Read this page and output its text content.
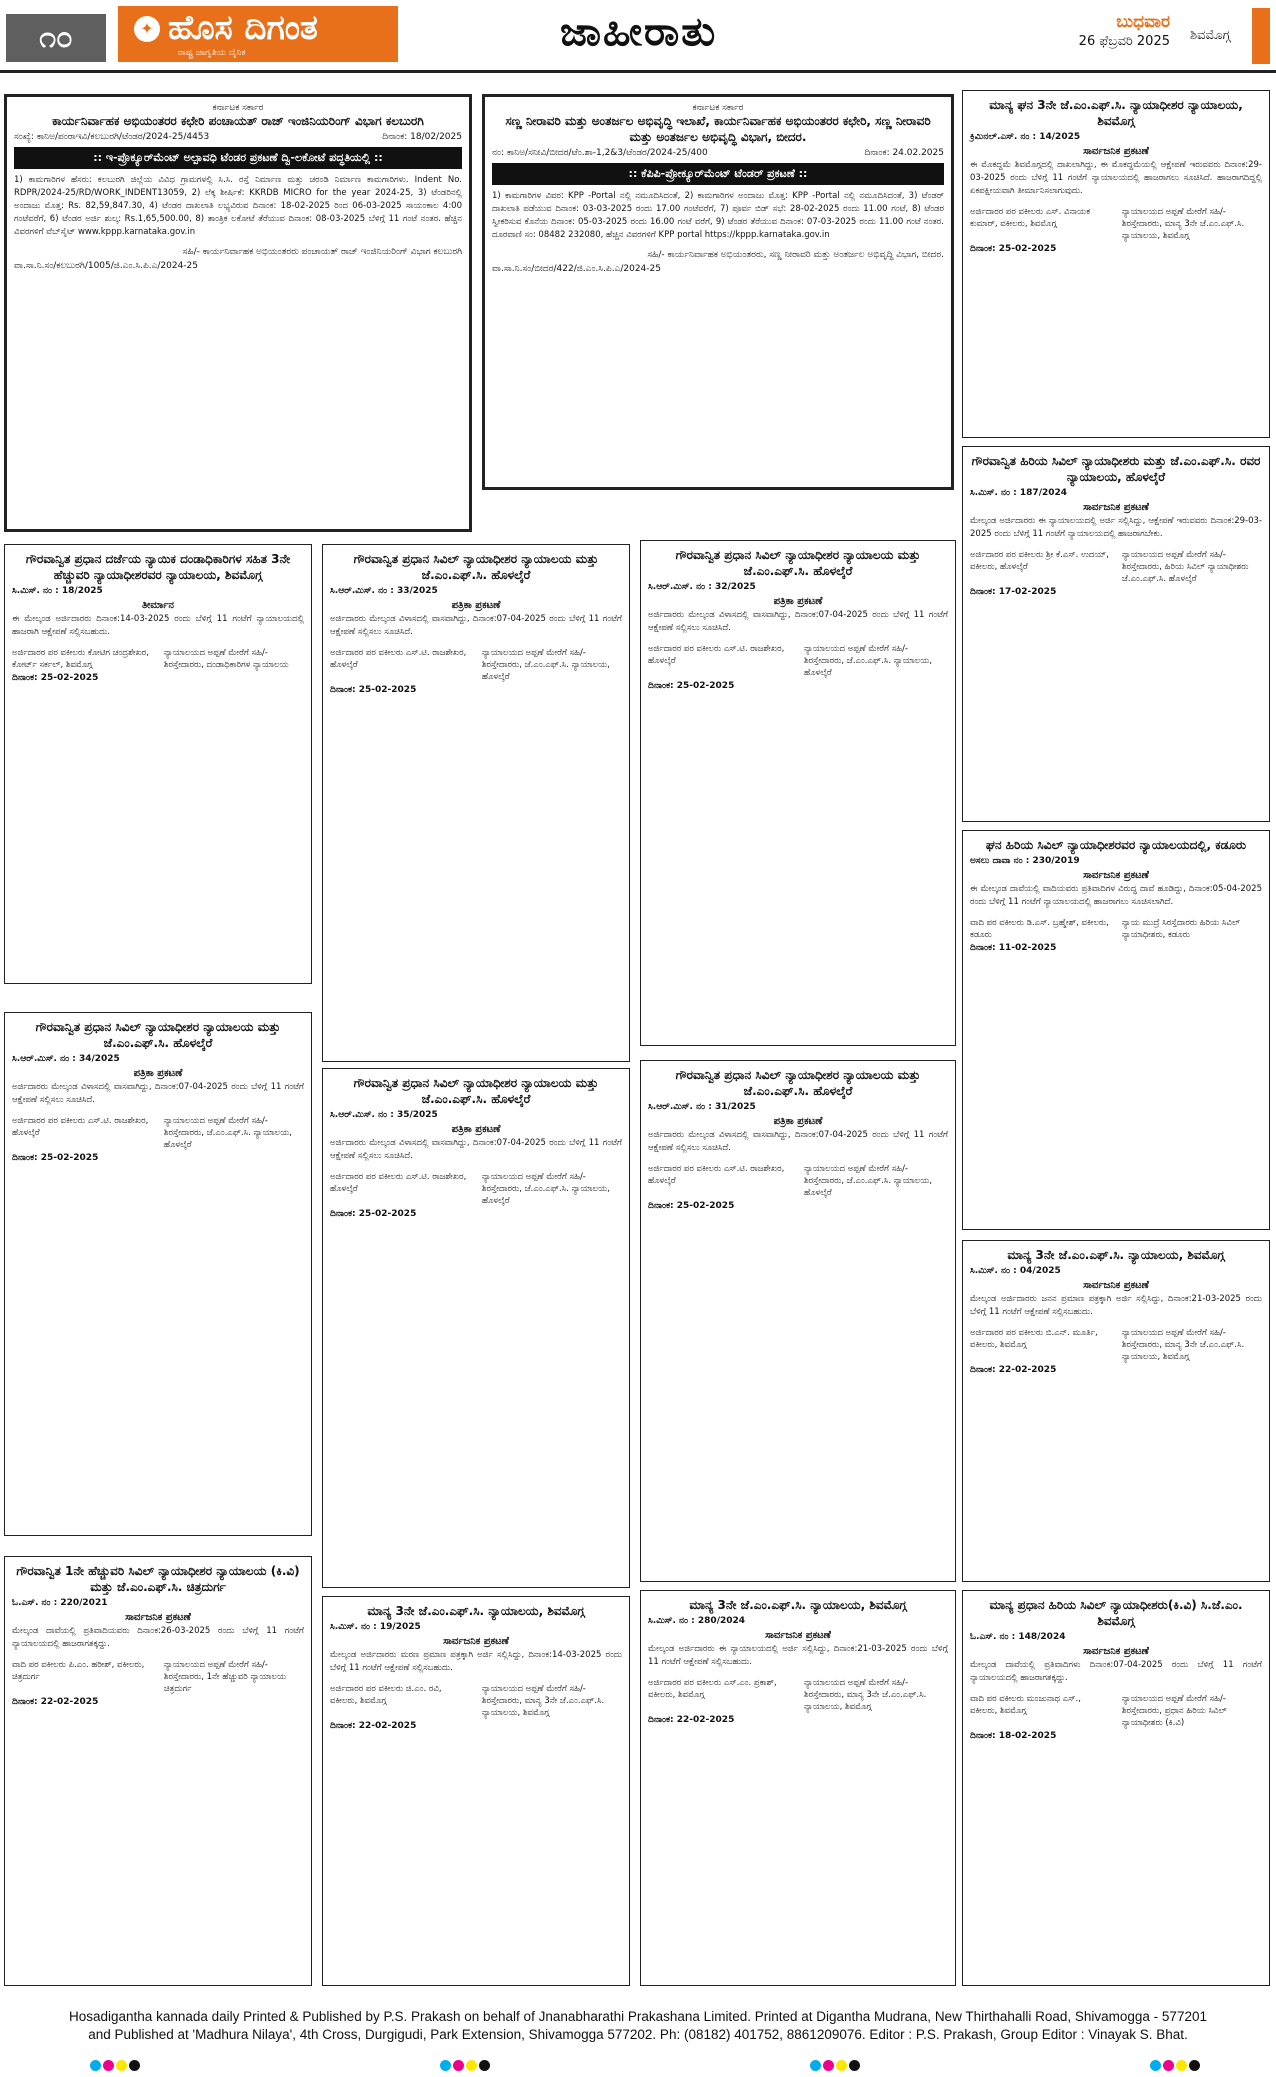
೧೦	✦ ಹೊಸ ದಿಗಂತ
ರಾಷ್ಟ್ರ ಜಾಗೃತಿಯ ದೈನಿಕ	ಜಾಹೀರಾತು	ಬುಧವಾರ
26 ಫೆಬ್ರವರಿ 2025 ಶಿವಮೊಗ್ಗ
ಕರ್ನಾಟಕ ಸರ್ಕಾರ
ಕಾರ್ಯನಿರ್ವಾಹಕ ಅಭಿಯಂತರರ ಕಛೇರಿ ಪಂಚಾಯತ್ ರಾಜ್ ಇಂಜಿನಿಯರಿಂಗ್ ವಿಭಾಗ ಕಲಬುರಗಿ
ಸಂಖ್ಯೆ: ಕಾನಿಅ/ಪಂರಾಇವಿ/ಕಲಬುರಗಿ/ಟೆಂಡರ/2024-25/4453	ದಿನಾಂಕ: 18/02/2025
:: ಇ-ಪ್ರೊಕ್ಯೂರ್‌ಮೆಂಟ್ ಅಲ್ಪಾವಧಿ ಟೆಂಡರ ಪ್ರಕಟಣೆ ದ್ವಿ-ಲಕೋಟೆ ಪದ್ಧತಿಯಲ್ಲಿ ::
1) ಕಾಮಗಾರಿಗಳ ಹೆಸರು: ಕಲಬುರಗಿ ಜಿಲ್ಲೆಯ ವಿವಿಧ ಗ್ರಾಮಗಳಲ್ಲಿ ಸಿ.ಸಿ. ರಸ್ತೆ ನಿರ್ಮಾಣ ಮತ್ತು ಚರಂಡಿ ನಿರ್ಮಾಣ ಕಾಮಗಾರಿಗಳು. Indent No. RDPR/2024-25/RD/WORK_INDENT13059, 2) ಲೆಕ್ಕ ಶೀರ್ಷಿಕೆ: KKRDB MICRO for the year 2024-25, 3) ಟೆಂಡರಿನಲ್ಲಿ ಅಂದಾಜು ಮೊತ್ತ: Rs. 82,59,847.30, 4) ಟೆಂಡರ ದಾಖಲಾತಿ ಲಭ್ಯವಿರುವ ದಿನಾಂಕ: 18-02-2025 ರಿಂದ 06-03-2025 ಸಾಯಂಕಾಲ 4:00 ಗಂಟೆವರೆಗೆ, 6) ಟೆಂಡರ ಅರ್ಜಿ ಶುಲ್ಕ: Rs.1,65,500.00, 8) ತಾಂತ್ರಿಕ ಲಕೋಟೆ ತೆರೆಯುವ ದಿನಾಂಕ: 08-03-2025 ಬೆಳಿಗ್ಗೆ 11 ಗಂಟೆ ನಂತರ. ಹೆಚ್ಚಿನ ವಿವರಗಳಿಗೆ ವೆಬ್‌ಸೈಟ್ www.kppp.karnataka.gov.in
ಸಹಿ/- ಕಾರ್ಯನಿರ್ವಾಹಕ ಅಭಿಯಂತರರು ಪಂಚಾಯತ್ ರಾಜ್ ಇಂಜಿನಿಯರಿಂಗ್ ವಿಭಾಗ ಕಲಬುರಗಿ
ವಾ.ಸಾ.ನಿ.ಸಂ/ಕಲಬುರಗಿ/1005/ಜಿ.ಎಂ.ಸಿ.ಪಿ.ಎ/2024-25
ಕರ್ನಾಟಕ ಸರ್ಕಾರ
ಸಣ್ಣ ನೀರಾವರಿ ಮತ್ತು ಅಂತರ್ಜಲ ಅಭಿವೃದ್ಧಿ ಇಲಾಖೆ, ಕಾರ್ಯನಿರ್ವಾಹಕ ಅಭಿಯಂತರರ ಕಛೇರಿ, ಸಣ್ಣ ನೀರಾವರಿ ಮತ್ತು ಅಂತರ್ಜಲ ಅಭಿವೃದ್ಧಿ ವಿಭಾಗ, ಬೀದರ.
ನಂ: ಕಾನಿಅ/ಸನೀವಿ/ಬೀದರ/ಟೆಂ.ಶಾ-1,2&3/ಟೆಂಡರ/2024-25/400	ದಿನಾಂಕ: 24.02.2025
:: ಕೆಪಿಪಿ-ಪ್ರೋಕ್ಯೂರ್‌ಮೆಂಟ್ ಟೆಂಡರ್ ಪ್ರಕಟಣೆ ::
1) ಕಾಮಗಾರಿಗಳ ವಿವರ: KPP -Portal ನಲ್ಲಿ ನಮೂದಿಸಿದಂತೆ, 2) ಕಾಮಗಾರಿಗಳ ಅಂದಾಜು ಮೊತ್ತ: KPP -Portal ನಲ್ಲಿ ನಮೂದಿಸಿದಂತೆ, 3) ಟೆಂಡರ್ ದಾಖಲಾತಿ ಪಡೆಯುವ ದಿನಾಂಕ: 03-03-2025 ರಂದು 17.00 ಗಂಟೆವರೆಗೆ, 7) ಪೂರ್ವ ಬಿಡ್ ಸಭೆ: 28-02-2025 ರಂದು 11.00 ಗಂಟೆ, 8) ಟೆಂಡರ ಸ್ವೀಕರಿಸುವ ಕೊನೆಯ ದಿನಾಂಕ: 05-03-2025 ರಂದು 16.00 ಗಂಟೆ ವರೆಗೆ, 9) ಟೆಂಡರ ತೆರೆಯುವ ದಿನಾಂಕ: 07-03-2025 ರಂದು 11.00 ಗಂಟೆ ನಂತರ. ದೂರವಾಣಿ ಸಂ: 08482 232080, ಹೆಚ್ಚಿನ ವಿವರಗಳಿಗೆ KPP portal https://kppp.karnataka.gov.in
ಸಹಿ/- ಕಾರ್ಯನಿರ್ವಾಹಕ ಅಭಿಯಂತರರು, ಸಣ್ಣ ನೀರಾವರಿ ಮತ್ತು ಅಂತರ್ಜಲ ಅಭಿವೃದ್ಧಿ ವಿಭಾಗ, ಬೀದರ.
ವಾ.ಸಾ.ನಿ.ಸಂ/ಬೀದರ/422/ಜಿ.ಎಂ.ಸಿ.ಪಿ.ಎ/2024-25
ಮಾನ್ಯ ಘನ 3ನೇ ಜೆ.ಎಂ.ಎಫ್.ಸಿ. ನ್ಯಾಯಾಧೀಶರ ನ್ಯಾಯಾಲಯ, ಶಿವಮೊಗ್ಗ
ಕ್ರಿಮಿನಲ್.ಎಸ್. ನಂ : 14/2025
ಸಾರ್ವಜನಿಕ ಪ್ರಕಟಣೆ
ಈ ಮೊಕದ್ದಮೆ ಶಿವಮೊಗ್ಗದಲ್ಲಿ ದಾಖಲಾಗಿದ್ದು, ಈ ಮೊಕದ್ದಮೆಯಲ್ಲಿ ಆಕ್ಷೇಪಣೆ ಇರುವವರು ದಿನಾಂಕ:29-03-2025 ರಂದು ಬೆಳಿಗ್ಗೆ 11 ಗಂಟೆಗೆ ನ್ಯಾಯಾಲಯದಲ್ಲಿ ಹಾಜರಾಗಲು ಸೂಚಿಸಿದೆ. ಹಾಜರಾಗದಿದ್ದಲ್ಲಿ ಏಕಪಕ್ಷೀಯವಾಗಿ ತೀರ್ಮಾನಿಸಲಾಗುವುದು.
ಅರ್ಜಿದಾರರ ಪರ ವಕೀಲರು ಎಸ್. ವಿನಾಯಕ ಕುಮಾರ್, ವಕೀಲರು, ಶಿವಮೊಗ್ಗ
ನ್ಯಾಯಾಲಯದ ಅಪ್ಪಣೆ ಮೇರೆಗೆ ಸಹಿ/- ಶಿರಸ್ತೇದಾರರು, ಮಾನ್ಯ 3ನೇ ಜೆ.ಎಂ.ಎಫ್.ಸಿ. ನ್ಯಾಯಾಲಯ, ಶಿವಮೊಗ್ಗ
ದಿನಾಂಕ: 25-02-2025
ಗೌರವಾನ್ವಿತ ಹಿರಿಯ ಸಿವಿಲ್ ನ್ಯಾಯಾಧೀಶರು ಮತ್ತು ಜೆ.ಎಂ.ಎಫ್.ಸಿ. ರವರ ನ್ಯಾಯಾಲಯ, ಹೊಳಲ್ಕೆರೆ
ಸಿ.ಮಿಸ್. ನಂ : 187/2024
ಸಾರ್ವಜನಿಕ ಪ್ರಕಟಣೆ
ಮೇಲ್ಕಂಡ ಅರ್ಜಿದಾರರು ಈ ನ್ಯಾಯಾಲಯದಲ್ಲಿ ಅರ್ಜಿ ಸಲ್ಲಿಸಿದ್ದು, ಆಕ್ಷೇಪಣೆ ಇರುವವರು ದಿನಾಂಕ:29-03-2025 ರಂದು ಬೆಳಿಗ್ಗೆ 11 ಗಂಟೆಗೆ ನ್ಯಾಯಾಲಯದಲ್ಲಿ ಹಾಜರಾಗಬೇಕು.
ಅರ್ಜಿದಾರರ ಪರ ವಕೀಲರು ಶ್ರೀ ಕೆ.ಎಸ್. ಉದಯ್, ವಕೀಲರು, ಹೊಳಲ್ಕೆರೆ
ನ್ಯಾಯಾಲಯದ ಅಪ್ಪಣೆ ಮೇರೆಗೆ ಸಹಿ/- ಶಿರಸ್ತೇದಾರರು, ಹಿರಿಯ ಸಿವಿಲ್ ನ್ಯಾಯಾಧೀಶರು ಜೆ.ಎಂ.ಎಫ್.ಸಿ. ಹೊಳಲ್ಕೆರೆ
ದಿನಾಂಕ: 17-02-2025
ಘನ ಹಿರಿಯ ಸಿವಿಲ್ ನ್ಯಾಯಾಧೀಶರವರ ನ್ಯಾಯಾಲಯದಲ್ಲಿ, ಕಡೂರು
ಅಸಲು ದಾವಾ ನಂ : 230/2019
ಸಾರ್ವಜನಿಕ ಪ್ರಕಟಣೆ
ಈ ಮೇಲ್ಕಂಡ ದಾವೆಯಲ್ಲಿ ವಾದಿಯವರು ಪ್ರತಿವಾದಿಗಳ ವಿರುದ್ಧ ದಾವೆ ಹೂಡಿದ್ದು, ದಿನಾಂಕ:05-04-2025 ರಂದು ಬೆಳಿಗ್ಗೆ 11 ಗಂಟೆಗೆ ನ್ಯಾಯಾಲಯದಲ್ಲಿ ಹಾಜರಾಗಲು ಸೂಚಿಸಲಾಗಿದೆ.
ವಾದಿ ಪರ ವಕೀಲರು ಡಿ.ಎಸ್. ಬ್ರಹ್ಮೇಶ್, ವಕೀಲರು, ಕಡೂರು
ನ್ಯಾಯ ಮುದ್ರೆ ಸಿರಸ್ತೆದಾರರು ಹಿರಿಯ ಸಿವಿಲ್ ನ್ಯಾಯಾಧೀಶರು, ಕಡೂರು
ದಿನಾಂಕ: 11-02-2025
ಮಾನ್ಯ 3ನೇ ಜೆ.ಎಂ.ಎಫ್.ಸಿ. ನ್ಯಾಯಾಲಯ, ಶಿವಮೊಗ್ಗ
ಸಿ.ಮಿಸ್. ನಂ : 04/2025
ಸಾರ್ವಜನಿಕ ಪ್ರಕಟಣೆ
ಮೇಲ್ಕಂಡ ಅರ್ಜಿದಾರರು ಜನನ ಪ್ರಮಾಣ ಪತ್ರಕ್ಕಾಗಿ ಅರ್ಜಿ ಸಲ್ಲಿಸಿದ್ದು, ದಿನಾಂಕ:21-03-2025 ರಂದು ಬೆಳಿಗ್ಗೆ 11 ಗಂಟೆಗೆ ಆಕ್ಷೇಪಣೆ ಸಲ್ಲಿಸಬಹುದು.
ಅರ್ಜಿದಾರರ ಪರ ವಕೀಲರು ಬಿ.ಎನ್. ಮೂರ್ತಿ, ವಕೀಲರು, ಶಿವಮೊಗ್ಗ
ನ್ಯಾಯಾಲಯದ ಅಪ್ಪಣೆ ಮೇರೆಗೆ ಸಹಿ/- ಶಿರಸ್ತೇದಾರರು, ಮಾನ್ಯ 3ನೇ ಜೆ.ಎಂ.ಎಫ್.ಸಿ. ನ್ಯಾಯಾಲಯ, ಶಿವಮೊಗ್ಗ
ದಿನಾಂಕ: 22-02-2025
ಮಾನ್ಯ ಪ್ರಧಾನ ಹಿರಿಯ ಸಿವಿಲ್ ನ್ಯಾಯಾಧೀಶರು(ಕಿ.ವಿ) ಸಿ.ಜೆ.ಎಂ. ಶಿವಮೊಗ್ಗ
ಓ.ಎಸ್. ನಂ : 148/2024
ಸಾರ್ವಜನಿಕ ಪ್ರಕಟಣೆ
ಮೇಲ್ಕಂಡ ದಾವೆಯಲ್ಲಿ ಪ್ರತಿವಾದಿಗಳು ದಿನಾಂಕ:07-04-2025 ರಂದು ಬೆಳಿಗ್ಗೆ 11 ಗಂಟೆಗೆ ನ್ಯಾಯಾಲಯದಲ್ಲಿ ಹಾಜರಾಗತಕ್ಕದ್ದು.
ವಾದಿ ಪರ ವಕೀಲರು ಮಂಜುನಾಥ ಎಸ್., ವಕೀಲರು, ಶಿವಮೊಗ್ಗ
ನ್ಯಾಯಾಲಯದ ಅಪ್ಪಣೆ ಮೇರೆಗೆ ಸಹಿ/- ಶಿರಸ್ತೇದಾರರು, ಪ್ರಧಾನ ಹಿರಿಯ ಸಿವಿಲ್ ನ್ಯಾಯಾಧೀಶರು (ಕಿ.ವಿ)
ದಿನಾಂಕ: 18-02-2025
ಗೌರವಾನ್ವಿತ ಪ್ರಧಾನ ದರ್ಜೆಯ ನ್ಯಾಯಿಕ ದಂಡಾಧಿಕಾರಿಗಳ ಸಹಿತ 3ನೇ ಹೆಚ್ಚುವರಿ ನ್ಯಾಯಾಧೀಶರವರ ನ್ಯಾಯಾಲಯ, ಶಿವಮೊಗ್ಗ
ಸಿ.ಮಿಸ್. ನಂ : 18/2025
ತೀರ್ಮಾನ
ಈ ಮೇಲ್ಕಂಡ ಅರ್ಜಿದಾರರು ದಿನಾಂಕ:14-03-2025 ರಂದು ಬೆಳಿಗ್ಗೆ 11 ಗಂಟೆಗೆ ನ್ಯಾಯಾಲಯದಲ್ಲಿ ಹಾಜರಾಗಿ ಆಕ್ಷೇಪಣೆ ಸಲ್ಲಿಸಬಹುದು.
ಅರ್ಜಿದಾರರ ಪರ ವಕೀಲರು ಕೋಟಿಗ ಚಂದ್ರಶೇಖರ, ಕೋರ್ಟ್ ಸರ್ಕಲ್, ಶಿವಮೊಗ್ಗ
ನ್ಯಾಯಾಲಯದ ಅಪ್ಪಣೆ ಮೇರೆಗೆ ಸಹಿ/- ಶಿರಸ್ತೇದಾರರು, ದಂಡಾಧಿಕಾರಿಗಳ ನ್ಯಾಯಾಲಯ
ದಿನಾಂಕ: 25-02-2025
ಗೌರವಾನ್ವಿತ ಪ್ರಧಾನ ಸಿವಿಲ್ ನ್ಯಾಯಾಧೀಶರ ನ್ಯಾಯಾಲಯ ಮತ್ತು ಜೆ.ಎಂ.ಎಫ್.ಸಿ. ಹೊಳಲ್ಕೆರೆ
ಸಿ.ಆರ್.ಮಿಸ್. ನಂ : 33/2025
ಪತ್ರಿಕಾ ಪ್ರಕಟಣೆ
ಅರ್ಜಿದಾರರು ಮೇಲ್ಕಂಡ ವಿಳಾಸದಲ್ಲಿ ವಾಸವಾಗಿದ್ದು, ದಿನಾಂಕ:07-04-2025 ರಂದು ಬೆಳಿಗ್ಗೆ 11 ಗಂಟೆಗೆ ಆಕ್ಷೇಪಣೆ ಸಲ್ಲಿಸಲು ಸೂಚಿಸಿದೆ.
ಅರ್ಜಿದಾರರ ಪರ ವಕೀಲರು ಎಸ್.ಟಿ. ರಾಜಶೇಖರ, ಹೊಳಲ್ಕೆರೆ
ನ್ಯಾಯಾಲಯದ ಅಪ್ಪಣೆ ಮೇರೆಗೆ ಸಹಿ/- ಶಿರಸ್ತೇದಾರರು, ಜೆ.ಎಂ.ಎಫ್.ಸಿ. ನ್ಯಾಯಾಲಯ, ಹೊಳಲ್ಕೆರೆ
ದಿನಾಂಕ: 25-02-2025
ಗೌರವಾನ್ವಿತ ಪ್ರಧಾನ ಸಿವಿಲ್ ನ್ಯಾಯಾಧೀಶರ ನ್ಯಾಯಾಲಯ ಮತ್ತು ಜೆ.ಎಂ.ಎಫ್.ಸಿ. ಹೊಳಲ್ಕೆರೆ
ಸಿ.ಆರ್.ಮಿಸ್. ನಂ : 32/2025
ಪತ್ರಿಕಾ ಪ್ರಕಟಣೆ
ಅರ್ಜಿದಾರರು ಮೇಲ್ಕಂಡ ವಿಳಾಸದಲ್ಲಿ ವಾಸವಾಗಿದ್ದು, ದಿನಾಂಕ:07-04-2025 ರಂದು ಬೆಳಿಗ್ಗೆ 11 ಗಂಟೆಗೆ ಆಕ್ಷೇಪಣೆ ಸಲ್ಲಿಸಲು ಸೂಚಿಸಿದೆ.
ಅರ್ಜಿದಾರರ ಪರ ವಕೀಲರು ಎಸ್.ಟಿ. ರಾಜಶೇಖರ, ಹೊಳಲ್ಕೆರೆ
ನ್ಯಾಯಾಲಯದ ಅಪ್ಪಣೆ ಮೇರೆಗೆ ಸಹಿ/- ಶಿರಸ್ತೇದಾರರು, ಜೆ.ಎಂ.ಎಫ್.ಸಿ. ನ್ಯಾಯಾಲಯ, ಹೊಳಲ್ಕೆರೆ
ದಿನಾಂಕ: 25-02-2025
ಗೌರವಾನ್ವಿತ ಪ್ರಧಾನ ಸಿವಿಲ್ ನ್ಯಾಯಾಧೀಶರ ನ್ಯಾಯಾಲಯ ಮತ್ತು ಜೆ.ಎಂ.ಎಫ್.ಸಿ. ಹೊಳಲ್ಕೆರೆ
ಸಿ.ಆರ್.ಮಿಸ್. ನಂ : 34/2025
ಪತ್ರಿಕಾ ಪ್ರಕಟಣೆ
ಅರ್ಜಿದಾರರು ಮೇಲ್ಕಂಡ ವಿಳಾಸದಲ್ಲಿ ವಾಸವಾಗಿದ್ದು, ದಿನಾಂಕ:07-04-2025 ರಂದು ಬೆಳಿಗ್ಗೆ 11 ಗಂಟೆಗೆ ಆಕ್ಷೇಪಣೆ ಸಲ್ಲಿಸಲು ಸೂಚಿಸಿದೆ.
ಅರ್ಜಿದಾರರ ಪರ ವಕೀಲರು ಎಸ್.ಟಿ. ರಾಜಶೇಖರ, ಹೊಳಲ್ಕೆರೆ
ನ್ಯಾಯಾಲಯದ ಅಪ್ಪಣೆ ಮೇರೆಗೆ ಸಹಿ/- ಶಿರಸ್ತೇದಾರರು, ಜೆ.ಎಂ.ಎಫ್.ಸಿ. ನ್ಯಾಯಾಲಯ, ಹೊಳಲ್ಕೆರೆ
ದಿನಾಂಕ: 25-02-2025
ಗೌರವಾನ್ವಿತ ಪ್ರಧಾನ ಸಿವಿಲ್ ನ್ಯಾಯಾಧೀಶರ ನ್ಯಾಯಾಲಯ ಮತ್ತು ಜೆ.ಎಂ.ಎಫ್.ಸಿ. ಹೊಳಲ್ಕೆರೆ
ಸಿ.ಆರ್.ಮಿಸ್. ನಂ : 35/2025
ಪತ್ರಿಕಾ ಪ್ರಕಟಣೆ
ಅರ್ಜಿದಾರರು ಮೇಲ್ಕಂಡ ವಿಳಾಸದಲ್ಲಿ ವಾಸವಾಗಿದ್ದು, ದಿನಾಂಕ:07-04-2025 ರಂದು ಬೆಳಿಗ್ಗೆ 11 ಗಂಟೆಗೆ ಆಕ್ಷೇಪಣೆ ಸಲ್ಲಿಸಲು ಸೂಚಿಸಿದೆ.
ಅರ್ಜಿದಾರರ ಪರ ವಕೀಲರು ಎಸ್.ಟಿ. ರಾಜಶೇಖರ, ಹೊಳಲ್ಕೆರೆ
ನ್ಯಾಯಾಲಯದ ಅಪ್ಪಣೆ ಮೇರೆಗೆ ಸಹಿ/- ಶಿರಸ್ತೇದಾರರು, ಜೆ.ಎಂ.ಎಫ್.ಸಿ. ನ್ಯಾಯಾಲಯ, ಹೊಳಲ್ಕೆರೆ
ದಿನಾಂಕ: 25-02-2025
ಗೌರವಾನ್ವಿತ ಪ್ರಧಾನ ಸಿವಿಲ್ ನ್ಯಾಯಾಧೀಶರ ನ್ಯಾಯಾಲಯ ಮತ್ತು ಜೆ.ಎಂ.ಎಫ್.ಸಿ. ಹೊಳಲ್ಕೆರೆ
ಸಿ.ಆರ್.ಮಿಸ್. ನಂ : 31/2025
ಪತ್ರಿಕಾ ಪ್ರಕಟಣೆ
ಅರ್ಜಿದಾರರು ಮೇಲ್ಕಂಡ ವಿಳಾಸದಲ್ಲಿ ವಾಸವಾಗಿದ್ದು, ದಿನಾಂಕ:07-04-2025 ರಂದು ಬೆಳಿಗ್ಗೆ 11 ಗಂಟೆಗೆ ಆಕ್ಷೇಪಣೆ ಸಲ್ಲಿಸಲು ಸೂಚಿಸಿದೆ.
ಅರ್ಜಿದಾರರ ಪರ ವಕೀಲರು ಎಸ್.ಟಿ. ರಾಜಶೇಖರ, ಹೊಳಲ್ಕೆರೆ
ನ್ಯಾಯಾಲಯದ ಅಪ್ಪಣೆ ಮೇರೆಗೆ ಸಹಿ/- ಶಿರಸ್ತೇದಾರರು, ಜೆ.ಎಂ.ಎಫ್.ಸಿ. ನ್ಯಾಯಾಲಯ, ಹೊಳಲ್ಕೆರೆ
ದಿನಾಂಕ: 25-02-2025
ಗೌರವಾನ್ವಿತ 1ನೇ ಹೆಚ್ಚುವರಿ ಸಿವಿಲ್ ನ್ಯಾಯಾಧೀಶರ ನ್ಯಾಯಾಲಯ (ಕಿ.ವಿ) ಮತ್ತು ಜೆ.ಎಂ.ಎಫ್.ಸಿ. ಚಿತ್ರದುರ್ಗ
ಓ.ಎಸ್. ನಂ : 220/2021
ಸಾರ್ವಜನಿಕ ಪ್ರಕಟಣೆ
ಮೇಲ್ಕಂಡ ದಾವೆಯಲ್ಲಿ ಪ್ರತಿವಾದಿಯವರು ದಿನಾಂಕ:26-03-2025 ರಂದು ಬೆಳಿಗ್ಗೆ 11 ಗಂಟೆಗೆ ನ್ಯಾಯಾಲಯದಲ್ಲಿ ಹಾಜರಾಗತಕ್ಕದ್ದು.
ವಾದಿ ಪರ ವಕೀಲರು ಪಿ.ಎಂ. ಹರೀಶ್, ವಕೀಲರು, ಚಿತ್ರದುರ್ಗ
ನ್ಯಾಯಾಲಯದ ಅಪ್ಪಣೆ ಮೇರೆಗೆ ಸಹಿ/- ಶಿರಸ್ತೇದಾರರು, 1ನೇ ಹೆಚ್ಚುವರಿ ನ್ಯಾಯಾಲಯ ಚಿತ್ರದುರ್ಗ
ದಿನಾಂಕ: 22-02-2025
ಮಾನ್ಯ 3ನೇ ಜೆ.ಎಂ.ಎಫ್.ಸಿ. ನ್ಯಾಯಾಲಯ, ಶಿವಮೊಗ್ಗ
ಸಿ.ಮಿಸ್. ನಂ : 19/2025
ಸಾರ್ವಜನಿಕ ಪ್ರಕಟಣೆ
ಮೇಲ್ಕಂಡ ಅರ್ಜಿದಾರರು ಮರಣ ಪ್ರಮಾಣ ಪತ್ರಕ್ಕಾಗಿ ಅರ್ಜಿ ಸಲ್ಲಿಸಿದ್ದು, ದಿನಾಂಕ:14-03-2025 ರಂದು ಬೆಳಿಗ್ಗೆ 11 ಗಂಟೆಗೆ ಆಕ್ಷೇಪಣೆ ಸಲ್ಲಿಸಬಹುದು.
ಅರ್ಜಿದಾರರ ಪರ ವಕೀಲರು ಜಿ.ಎಂ. ರವಿ, ವಕೀಲರು, ಶಿವಮೊಗ್ಗ
ನ್ಯಾಯಾಲಯದ ಅಪ್ಪಣೆ ಮೇರೆಗೆ ಸಹಿ/- ಶಿರಸ್ತೇದಾರರು, ಮಾನ್ಯ 3ನೇ ಜೆ.ಎಂ.ಎಫ್.ಸಿ. ನ್ಯಾಯಾಲಯ, ಶಿವಮೊಗ್ಗ
ದಿನಾಂಕ: 22-02-2025
ಮಾನ್ಯ 3ನೇ ಜೆ.ಎಂ.ಎಫ್.ಸಿ. ನ್ಯಾಯಾಲಯ, ಶಿವಮೊಗ್ಗ
ಸಿ.ಮಿಸ್. ನಂ : 280/2024
ಸಾರ್ವಜನಿಕ ಪ್ರಕಟಣೆ
ಮೇಲ್ಕಂಡ ಅರ್ಜಿದಾರರು ಈ ನ್ಯಾಯಾಲಯದಲ್ಲಿ ಅರ್ಜಿ ಸಲ್ಲಿಸಿದ್ದು, ದಿನಾಂಕ:21-03-2025 ರಂದು ಬೆಳಿಗ್ಗೆ 11 ಗಂಟೆಗೆ ಆಕ್ಷೇಪಣೆ ಸಲ್ಲಿಸಬಹುದು.
ಅರ್ಜಿದಾರರ ಪರ ವಕೀಲರು ಎಸ್.ಎಂ. ಪ್ರಕಾಶ್, ವಕೀಲರು, ಶಿವಮೊಗ್ಗ
ನ್ಯಾಯಾಲಯದ ಅಪ್ಪಣೆ ಮೇರೆಗೆ ಸಹಿ/- ಶಿರಸ್ತೇದಾರರು, ಮಾನ್ಯ 3ನೇ ಜೆ.ಎಂ.ಎಫ್.ಸಿ. ನ್ಯಾಯಾಲಯ, ಶಿವಮೊಗ್ಗ
ದಿನಾಂಕ: 22-02-2025
Hosadigantha kannada daily Printed & Published by P.S. Prakash on behalf of Jnanabharathi Prakashana Limited. Printed at Digantha Mudrana, New Thirthahalli Road, Shivamogga - 577201
and Published at 'Madhura Nilaya', 4th Cross, Durgigudi, Park Extension, Shivamogga 577202. Ph: (08182) 401752, 8861209076. Editor : P.S. Prakash, Group Editor : Vinayak S. Bhat.
